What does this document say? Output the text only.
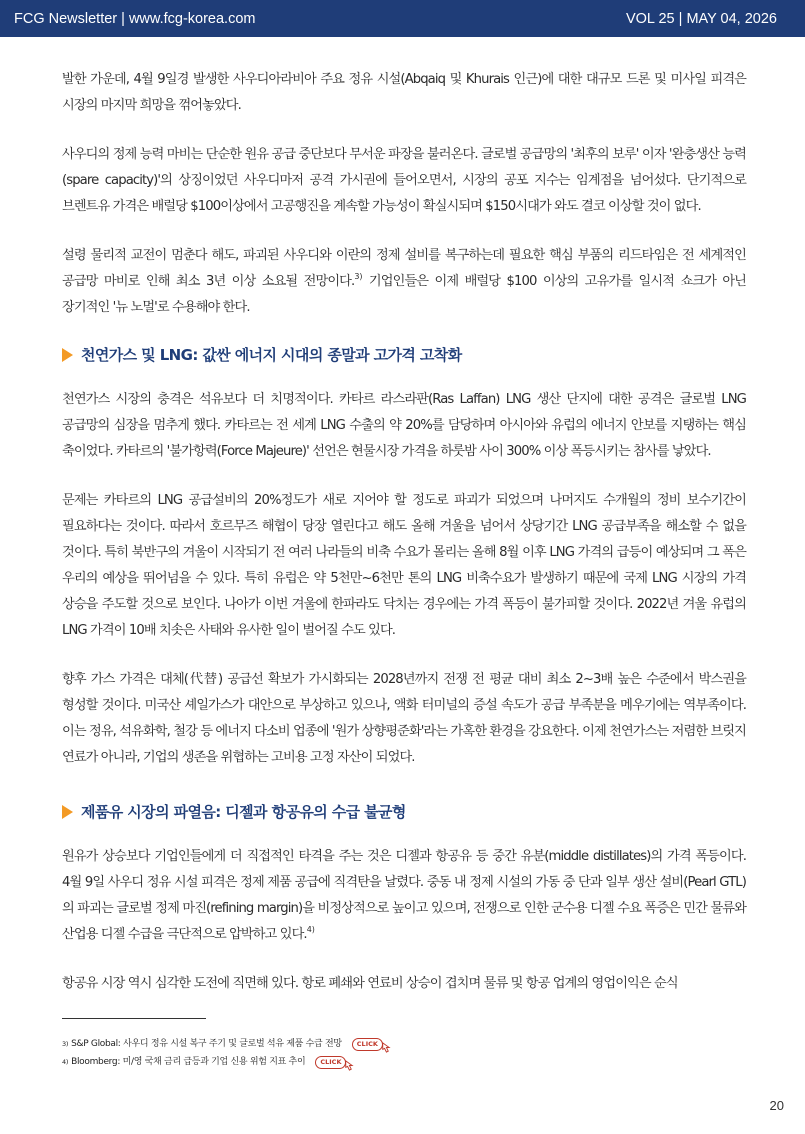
FCG Newsletter | www.fcg-korea.com	VOL 25 | MAY 04, 2026

발한 가운데, 4월 9일경 발생한 사우디아라비아 주요 정유 시설(Abqaiq 및 Khurais 인근)에 대한 대규모 드론 및 미사일 피격은 시장의 마지막 희망을 꺾어놓았다.

사우디의 정제 능력 마비는 단순한 원유 공급 중단보다 무서운 파장을 불러온다. 글로벌 공급망의 '최후의 보루' 이자 '완충생산 능력(spare capacity)'의 상징이었던 사우디마저 공격 가시권에 들어오면서, 시장의 공포 지수는 임계점을 넘어섰다. 단기적으로 브렌트유 가격은 배럴당 $100이상에서 고공행진을 계속할 가능성이 확실시되며 $150시대가 와도 결코 이상할 것이 없다.

설령 물리적 교전이 멈춘다 해도, 파괴된 사우디와 이란의 정제 설비를 복구하는데 필요한 핵심 부품의 리드타임은 전 세계적인 공급망 마비로 인해 최소 3년 이상 소요될 전망이다.$^{3)}$ 기업인들은 이제 배럴당 $100 이상의 고유가를 일시적 쇼크가 아닌 장기적인 '뉴 노멀'로 수용해야 한다.

천연가스 및 LNG: 값싼 에너지 시대의 종말과 고가격 고착화

천연가스 시장의 충격은 석유보다 더 치명적이다. 카타르 라스라판(Ras Laffan) LNG 생산 단지에 대한 공격은 글로벌 LNG 공급망의 심장을 멈추게 했다. 카타르는 전 세계 LNG 수출의 약 20%를 담당하며 아시아와 유럽의 에너지 안보를 지탱하는 핵심 축이었다. 카타르의 '불가항력(Force Majeure)' 선언은 현물시장 가격을 하룻밤 사이 300% 이상 폭등시키는 참사를 낳았다.

문제는 카타르의 LNG 공급설비의 20%정도가 새로 지어야 할 정도로 파괴가 되었으며 나머지도 수개월의 정비 보수기간이 필요하다는 것이다. 따라서 호르무즈 해협이 당장 열린다고 해도 올해 겨울을 넘어서 상당기간 LNG 공급부족을 해소할 수 없을 것이다. 특히 북반구의 겨울이 시작되기 전 여러 나라들의 비축 수요가 몰리는 올해 8월 이후 LNG 가격의 급등이 예상되며 그 폭은 우리의 예상을 뛰어넘을 수 있다. 특히 유럽은 약 5천만~6천만 톤의 LNG 비축수요가 발생하기 때문에 국제 LNG 시장의 가격 상승을 주도할 것으로 보인다. 나아가 이번 겨울에 한파라도 닥치는 경우에는 가격 폭등이 불가피할 것이다. 2022년 겨울 유럽의 LNG 가격이 10배 치솟은 사태와 유사한 일이 벌어질 수도 있다.

향후 가스 가격은 대체(代替) 공급선 확보가 가시화되는 2028년까지 전쟁 전 평균 대비 최소 2~3배 높은 수준에서 박스권을 형성할 것이다. 미국산 셰일가스가 대안으로 부상하고 있으나, 액화 터미널의 증설 속도가 공급 부족분을 메우기에는 역부족이다. 이는 정유, 석유화학, 철강 등 에너지 다소비 업종에 '원가 상향평준화'라는 가혹한 환경을 강요한다. 이제 천연가스는 저렴한 브릿지 연료가 아니라, 기업의 생존을 위협하는 고비용 고정 자산이 되었다.

제품유 시장의 파열음: 디젤과 항공유의 수급 불균형

원유가 상승보다 기업인들에게 더 직접적인 타격을 주는 것은 디젤과 항공유 등 중간 유분(middle distillates)의 가격 폭등이다. 4월 9일 사우디 정유 시설 피격은 정제 제품 공급에 직격탄을 날렸다. 중동 내 정제 시설의 가동 중 단과 일부 생산 설비(Pearl GTL)의 파괴는 글로벌 정제 마진(refining margin)을 비정상적으로 높이고 있으며, 전쟁으로 인한 군수용 디젤 수요 폭증은 민간 물류와 산업용 디젤 수급을 극단적으로 압박하고 있다.$^{4)}$

항공유 시장 역시 심각한 도전에 직면해 있다. 항로 폐쇄와 연료비 상승이 겹치며 물류 및 항공 업계의 영업이익은 순식

3) S&P Global: 사우디 정유 시설 복구 주기 및 글로벌 석유 제품 수급 전망 CLICK
4) Bloomberg: 미/영 국채 금리 급등과 기업 신용 위험 지표 추이 CLICK
20
